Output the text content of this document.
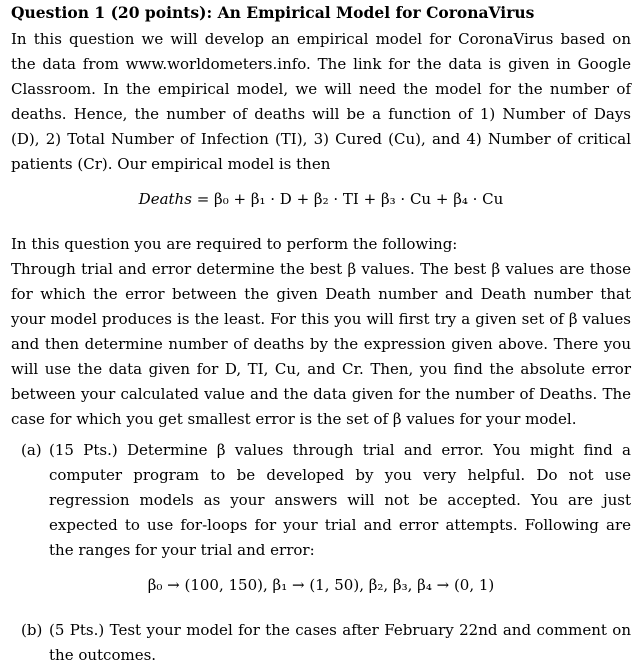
Question 1 (20 points): An Empirical Model for CoronaVirus

In this question we will develop an empirical model for CoronaVirus based on the data from www.worldometers.info. The link for the data is given in Google Classroom. In the empirical model, we will need the model for the number of deaths. Hence, the number of deaths will be a function of 1) Number of Days (D), 2) Total Number of Infection (TI), 3) Cured (Cu), and 4) Number of critical patients (Cr). Our empirical model is then

Deaths = β₀ + β₁ · D + β₂ · TI + β₃ · Cu + β₄ · Cu

In this question you are required to perform the following:

Through trial and error determine the best β values. The best β values are those for which the error between the given Death number and Death number that your model produces is the least. For this you will first try a given set of β values and then determine number of deaths by the expression given above. There you will use the data given for D, TI, Cu, and Cr. Then, you find the absolute error between your calculated value and the data given for the number of Deaths. The case for which you get smallest error is the set of β values for your model.

(a) (15 Pts.) Determine β values through trial and error. You might find a computer program to be developed by you very helpful. Do not use regression models as your answers will not be accepted. You are just expected to use for-loops for your trial and error attempts. Following are the ranges for your trial and error:
β₀ → (100, 150), β₁ → (1, 50), β₂, β₃, β₄ → (0, 1)
(b) (5 Pts.) Test your model for the cases after February 22nd and comment on the outcomes.
